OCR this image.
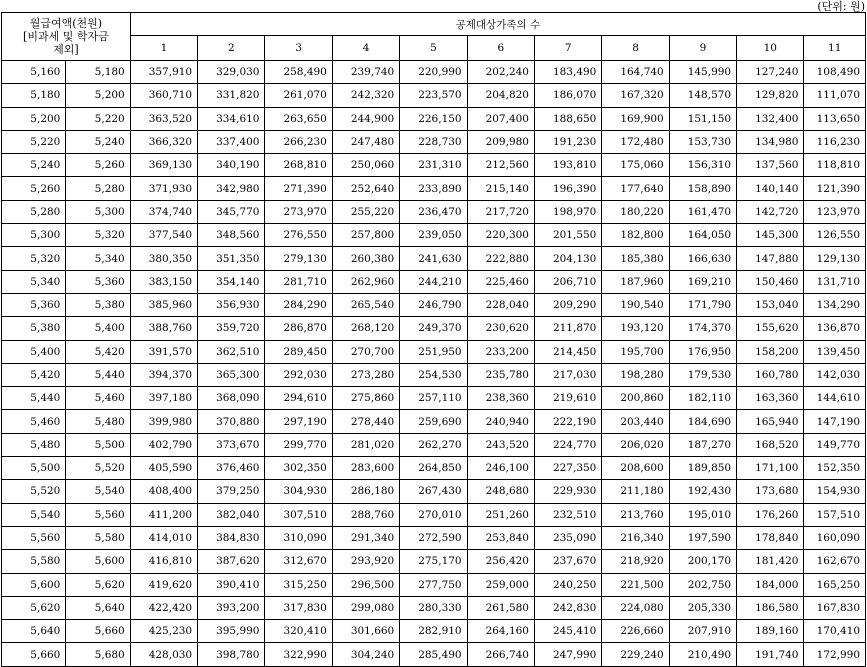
(단위: 원)
월급여액(천원)
[비과세 및 학자금
제외]		공제대상가족의 수										
		1	2	3	4	5	6	7	8	9	10	11
5,160	5,180	357,910	329,030	258,490	239,740	220,990	202,240	183,490	164,740	145,990	127,240	108,490
5,180	5,200	360,710	331,820	261,070	242,320	223,570	204,820	186,070	167,320	148,570	129,820	111,070
5,200	5,220	363,520	334,610	263,650	244,900	226,150	207,400	188,650	169,900	151,150	132,400	113,650
5,220	5,240	366,320	337,400	266,230	247,480	228,730	209,980	191,230	172,480	153,730	134,980	116,230
5,240	5,260	369,130	340,190	268,810	250,060	231,310	212,560	193,810	175,060	156,310	137,560	118,810
5,260	5,280	371,930	342,980	271,390	252,640	233,890	215,140	196,390	177,640	158,890	140,140	121,390
5,280	5,300	374,740	345,770	273,970	255,220	236,470	217,720	198,970	180,220	161,470	142,720	123,970
5,300	5,320	377,540	348,560	276,550	257,800	239,050	220,300	201,550	182,800	164,050	145,300	126,550
5,320	5,340	380,350	351,350	279,130	260,380	241,630	222,880	204,130	185,380	166,630	147,880	129,130
5,340	5,360	383,150	354,140	281,710	262,960	244,210	225,460	206,710	187,960	169,210	150,460	131,710
5,360	5,380	385,960	356,930	284,290	265,540	246,790	228,040	209,290	190,540	171,790	153,040	134,290
5,380	5,400	388,760	359,720	286,870	268,120	249,370	230,620	211,870	193,120	174,370	155,620	136,870
5,400	5,420	391,570	362,510	289,450	270,700	251,950	233,200	214,450	195,700	176,950	158,200	139,450
5,420	5,440	394,370	365,300	292,030	273,280	254,530	235,780	217,030	198,280	179,530	160,780	142,030
5,440	5,460	397,180	368,090	294,610	275,860	257,110	238,360	219,610	200,860	182,110	163,360	144,610
5,460	5,480	399,980	370,880	297,190	278,440	259,690	240,940	222,190	203,440	184,690	165,940	147,190
5,480	5,500	402,790	373,670	299,770	281,020	262,270	243,520	224,770	206,020	187,270	168,520	149,770
5,500	5,520	405,590	376,460	302,350	283,600	264,850	246,100	227,350	208,600	189,850	171,100	152,350
5,520	5,540	408,400	379,250	304,930	286,180	267,430	248,680	229,930	211,180	192,430	173,680	154,930
5,540	5,560	411,200	382,040	307,510	288,760	270,010	251,260	232,510	213,760	195,010	176,260	157,510
5,560	5,580	414,010	384,830	310,090	291,340	272,590	253,840	235,090	216,340	197,590	178,840	160,090
5,580	5,600	416,810	387,620	312,670	293,920	275,170	256,420	237,670	218,920	200,170	181,420	162,670
5,600	5,620	419,620	390,410	315,250	296,500	277,750	259,000	240,250	221,500	202,750	184,000	165,250
5,620	5,640	422,420	393,200	317,830	299,080	280,330	261,580	242,830	224,080	205,330	186,580	167,830
5,640	5,660	425,230	395,990	320,410	301,660	282,910	264,160	245,410	226,660	207,910	189,160	170,410
5,660	5,680	428,030	398,780	322,990	304,240	285,490	266,740	247,990	229,240	210,490	191,740	172,990
